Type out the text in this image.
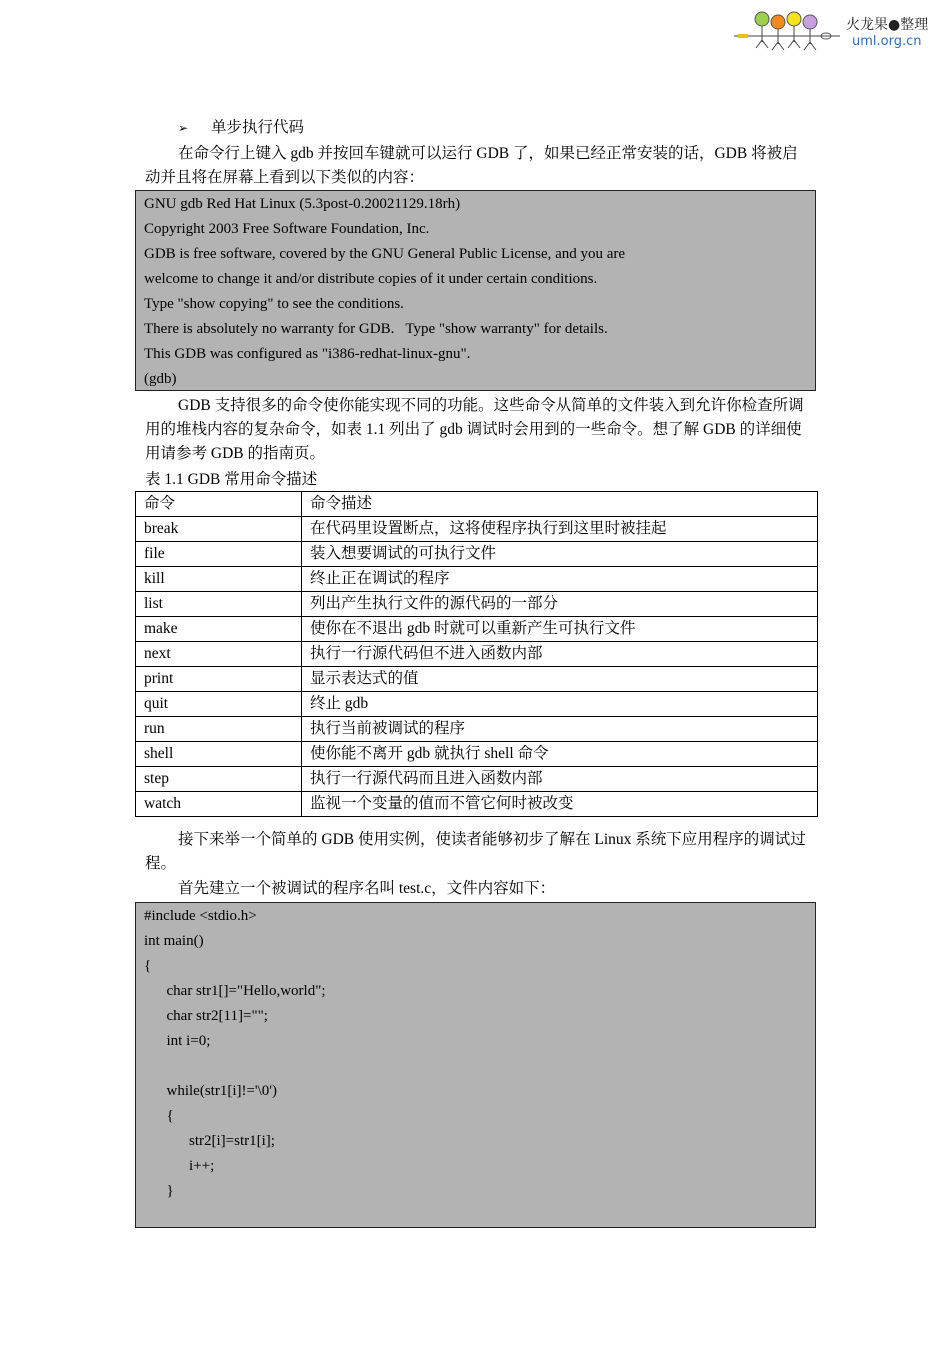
火龙果●整理
uml.org.cn
➢ 单步执行代码
在命令行上键入 gdb 并按回车键就可以运行 GDB 了，如果已经正常安装的话，GDB 将被启动并且将在屏幕上看到以下类似的内容：
GNU gdb Red Hat Linux (5.3post-0.20021129.18rh)
Copyright 2003 Free Software Foundation, Inc.
GDB is free software, covered by the GNU General Public License, and you are
welcome to change it and/or distribute copies of it under certain conditions.
Type "show copying" to see the conditions.
There is absolutely no warranty for GDB.   Type "show warranty" for details.
This GDB was configured as "i386-redhat-linux-gnu".
(gdb)
GDB 支持很多的命令使你能实现不同的功能。这些命令从简单的文件装入到允许你检查所调用的堆栈内容的复杂命令，如表 1.1 列出了 gdb 调试时会用到的一些命令。想了解 GDB 的详细使用请参考 GDB 的指南页。
表 1.1 GDB 常用命令描述
命令	命令描述
break	在代码里设置断点，这将使程序执行到这里时被挂起
file	装入想要调试的可执行文件
kill	终止正在调试的程序
list	列出产生执行文件的源代码的一部分
make	使你在不退出 gdb 时就可以重新产生可执行文件
next	执行一行源代码但不进入函数内部
print	显示表达式的值
quit	终止 gdb
run	执行当前被调试的程序
shell	使你能不离开 gdb 就执行 shell 命令
step	执行一行源代码而且进入函数内部
watch	监视一个变量的值而不管它何时被改变
接下来举一个简单的 GDB 使用实例，使读者能够初步了解在 Linux 系统下应用程序的调试过程。
首先建立一个被调试的程序名叫 test.c，文件内容如下：
#include <stdio.h>
int main()
{
char str1[]="Hello,world";
char str2[11]="";
int i=0;
while(str1[i]!='\0')
{
str2[i]=str1[i];
i++;
}
